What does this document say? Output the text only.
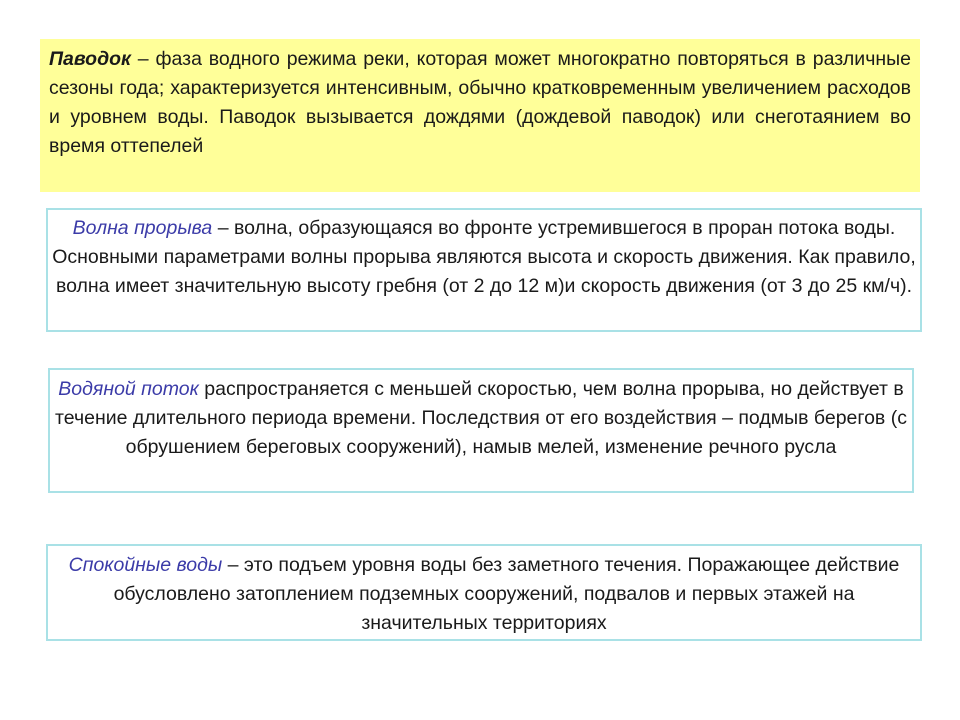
Паводок – фаза водного режима реки, которая может многократно повторяться в различные сезоны года; характеризуется интенсивным, обычно кратковременным увеличением расходов и уровнем воды. Паводок вызывается дождями (дождевой паводок) или снеготаянием во время оттепелей
Волна прорыва – волна, образующаяся во фронте устремившегося в проран потока воды. Основными параметрами волны прорыва являются высота и скорость движения. Как правило, волна имеет значительную высоту гребня (от 2 до 12 м)и скорость движения (от 3 до 25 км/ч).
Водяной поток распространяется с меньшей скоростью, чем волна прорыва, но действует в течение длительного периода времени. Последствия от его воздействия – подмыв берегов (с обрушением береговых сооружений), намыв мелей, изменение речного русла
Спокойные воды – это подъем уровня воды без заметного течения. Поражающее действие обусловлено затоплением подземных сооружений, подвалов и первых этажей на значительных территориях
